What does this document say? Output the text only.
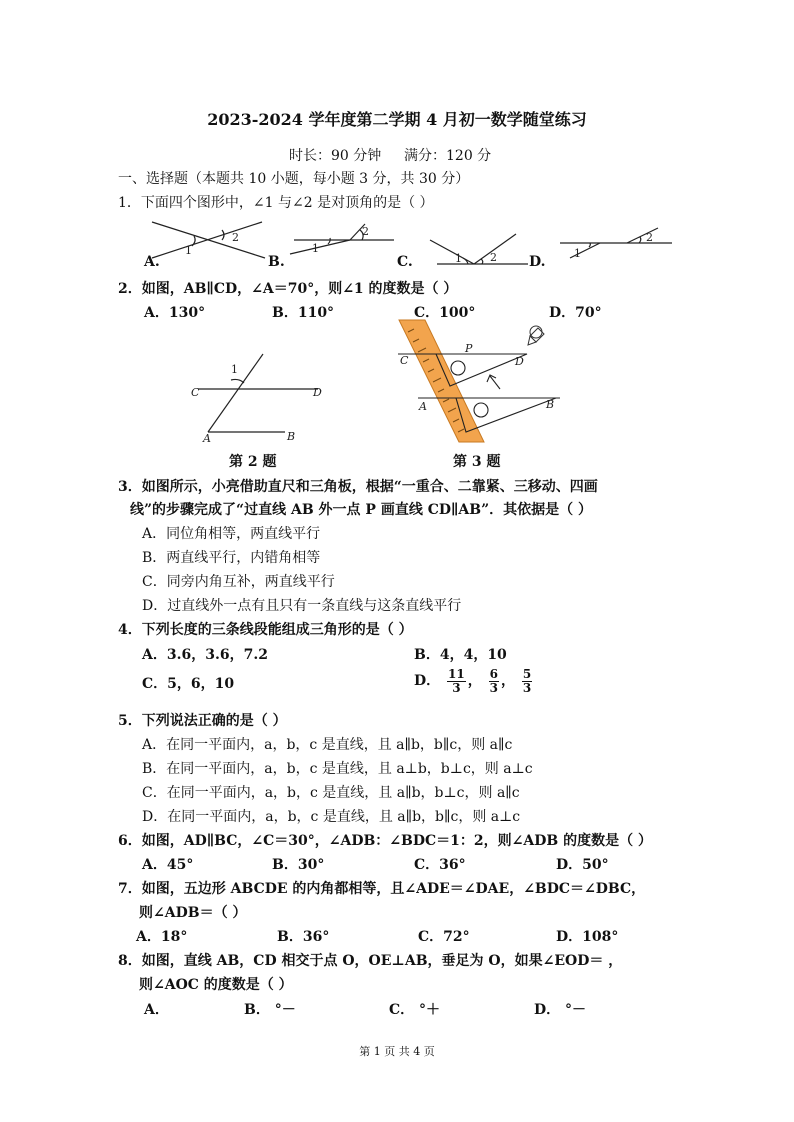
2023-2024 学年度第二学期 4 月初一数学随堂练习
时长：90 分钟 满分：120 分
一、选择题（本题共 10 小题，每小题 3 分，共 30 分）
1．下面四个图形中，∠1 与∠2 是对顶角的是（ ）
A.	B.	C.	D.
1
2
1
2
1	2	1
2
2．如图，AB∥CD，∠A＝70°，则∠1 的度数是（ ）
A．130°	B．110°	C．100°	D．70°
C	D
A	B
1
C
P
D
A	B
第 2 题	第 3 题
3．如图所示，小亮借助直尺和三角板，根据“一重合、二靠紧、三移动、四画
线”的步骤完成了“过直线 AB 外一点 P 画直线 CD∥AB”．其依据是（ ）
A．同位角相等，两直线平行
B．两直线平行，内错角相等
C．同旁内角互补，两直线平行
D．过直线外一点有且只有一条直线与这条直线平行
4．下列长度的三条线段能组成三角形的是（ ）
A．3.6，3.6，7.2	B．4，4，10
C．5，6，10	D． $\frac{11}{3}$ ， $\frac{6}{3}$ ， $\frac{5}{3}$
5．下列说法正确的是（ ）
A．在同一平面内，a，b，c 是直线，且 a∥b，b∥c，则 a∥c
B．在同一平面内，a，b，c 是直线，且 a⊥b，b⊥c，则 a⊥c
C．在同一平面内，a，b，c 是直线，且 a∥b，b⊥c，则 a∥c
D．在同一平面内，a，b，c 是直线，且 a∥b，b∥c，则 a⊥c
6．如图，AD∥BC，∠C＝30°，∠ADB：∠BDC＝1：2，则∠ADB 的度数是（ ）
A．45°	B．30°	C．36°	D．50°
7．如图，五边形 ABCDE 的内角都相等，且∠ADE＝∠DAE，∠BDC＝∠DBC，
则∠ADB＝（ ）
A．18°	B．36°	C．72°	D．108°
8．如图，直线 AB，CD 相交于点 O，OE⊥AB，垂足为 O，如果∠EOD＝ ，
则∠AOC 的度数是（ ）
A．	B． °－	C． °＋	D． °－
第 1 页 共 4 页
